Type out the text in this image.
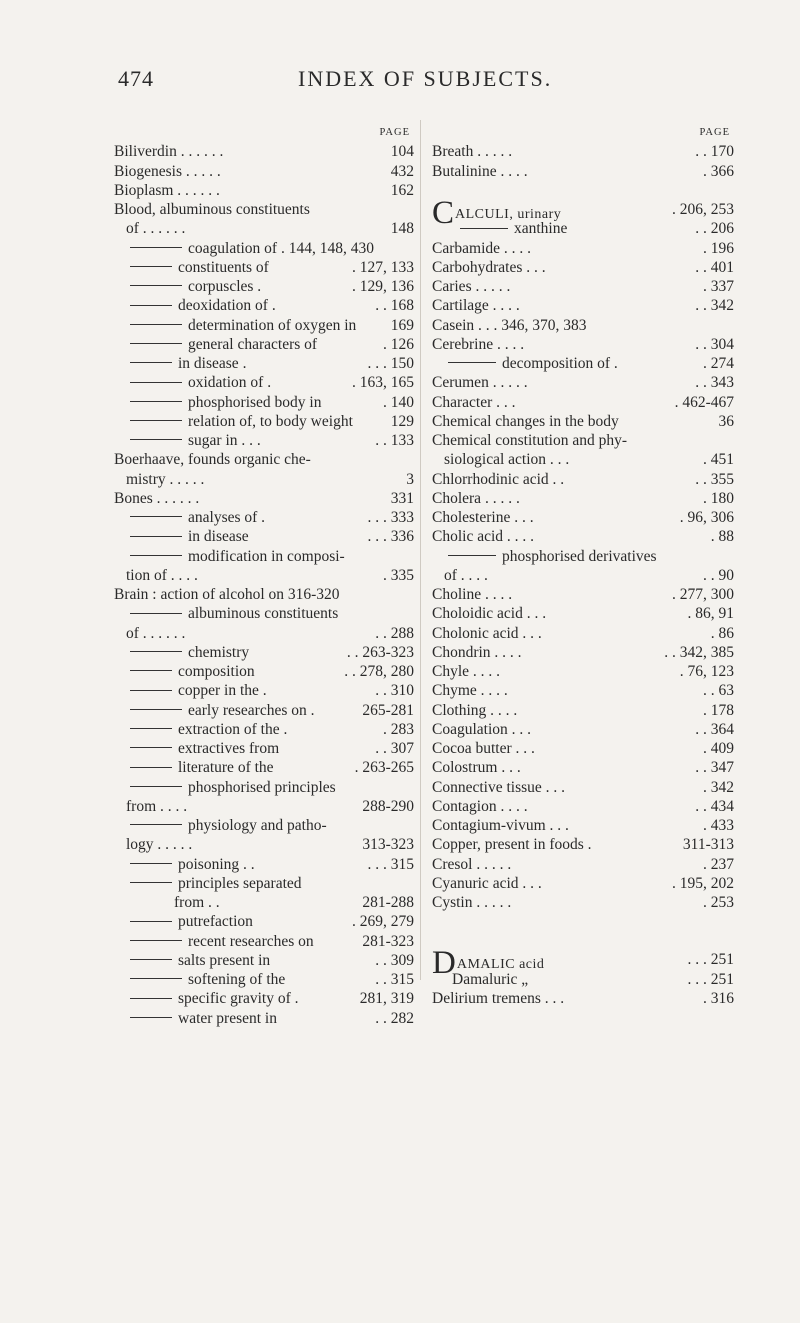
474	INDEX OF SUBJECTS.
PAGE
Biliverdin . . . . . .	104
Biogenesis . . . . .	432
Bioplasm . . . . . .	162
Blood, albuminous constituents
of . . . . . .	148
coagulation of . 144, 148, 430
constituents of	. 127, 133
corpuscles .	. 129, 136
deoxidation of .	. . 168
determination of oxygen in 169
general characters of	. 126
in disease .	. . . 150
oxidation of .	. 163, 165
phosphorised body in	. 140
relation of, to body weight 129
sugar in . . .	. . 133
Boerhaave, founds organic che-
mistry . . . . .	3
Bones . . . . . .	331
analyses of .	. . . 333
in disease	. . . 336
modification in composi-
tion of . . . .	. 335
Brain : action of alcohol on 316-320
albuminous constituents
of . . . . . .	. . 288
chemistry	. . 263-323
composition	. . 278, 280
copper in the .	. . 310
early researches on .	265-281
extraction of the .	. 283
extractives from	. . 307
literature of the	. 263-265
phosphorised principles
from . . . .	288-290
physiology and patho-
logy . . . . .	313-323
poisoning . .	. . . 315
principles separated
from . .	281-288
putrefaction	. 269, 279
recent researches on	281-323
salts present in	. . 309
softening of the	. . 315
specific gravity of .	281, 319
water present in	. . 282
PAGE
Breath . . . . .	. . 170
Butalinine . . . .	. 366
CALCULI, urinary	. 206, 253
xanthine	. . 206
Carbamide . . . .	. 196
Carbohydrates . . .	. . 401
Caries . . . . .	. 337
Cartilage . . . .	. . 342
Casein . . . 346, 370, 383
Cerebrine . . . .	. . 304
decomposition of .	. 274
Cerumen . . . . .	. . 343
Character . . .	. 462-467
Chemical changes in the body	36
Chemical constitution and phy-
siological action . . .	. 451
Chlorrhodinic acid . .	. . 355
Cholera . . . . .	. 180
Cholesterine . . .	. 96, 306
Cholic acid . . . .	. 88
phosphorised derivatives
of . . . .	. . 90
Choline . . . .	. 277, 300
Choloidic acid . . .	. 86, 91
Cholonic acid . . .	. 86
Chondrin . . . .	. . 342, 385
Chyle . . . .	. 76, 123
Chyme . . . .	. . 63
Clothing . . . .	. 178
Coagulation . . .	. . 364
Cocoa butter . . .	. 409
Colostrum . . .	. . 347
Connective tissue . . .	. 342
Contagion . . . .	. . 434
Contagium-vivum . . .	. 433
Copper, present in foods .	311-313
Cresol . . . . .	. 237
Cyanuric acid . . .	. 195, 202
Cystin . . . . .	. 253
DAMALIC acid	. . . 251
Damaluric „	. . . 251
Delirium tremens . . .	. 316
